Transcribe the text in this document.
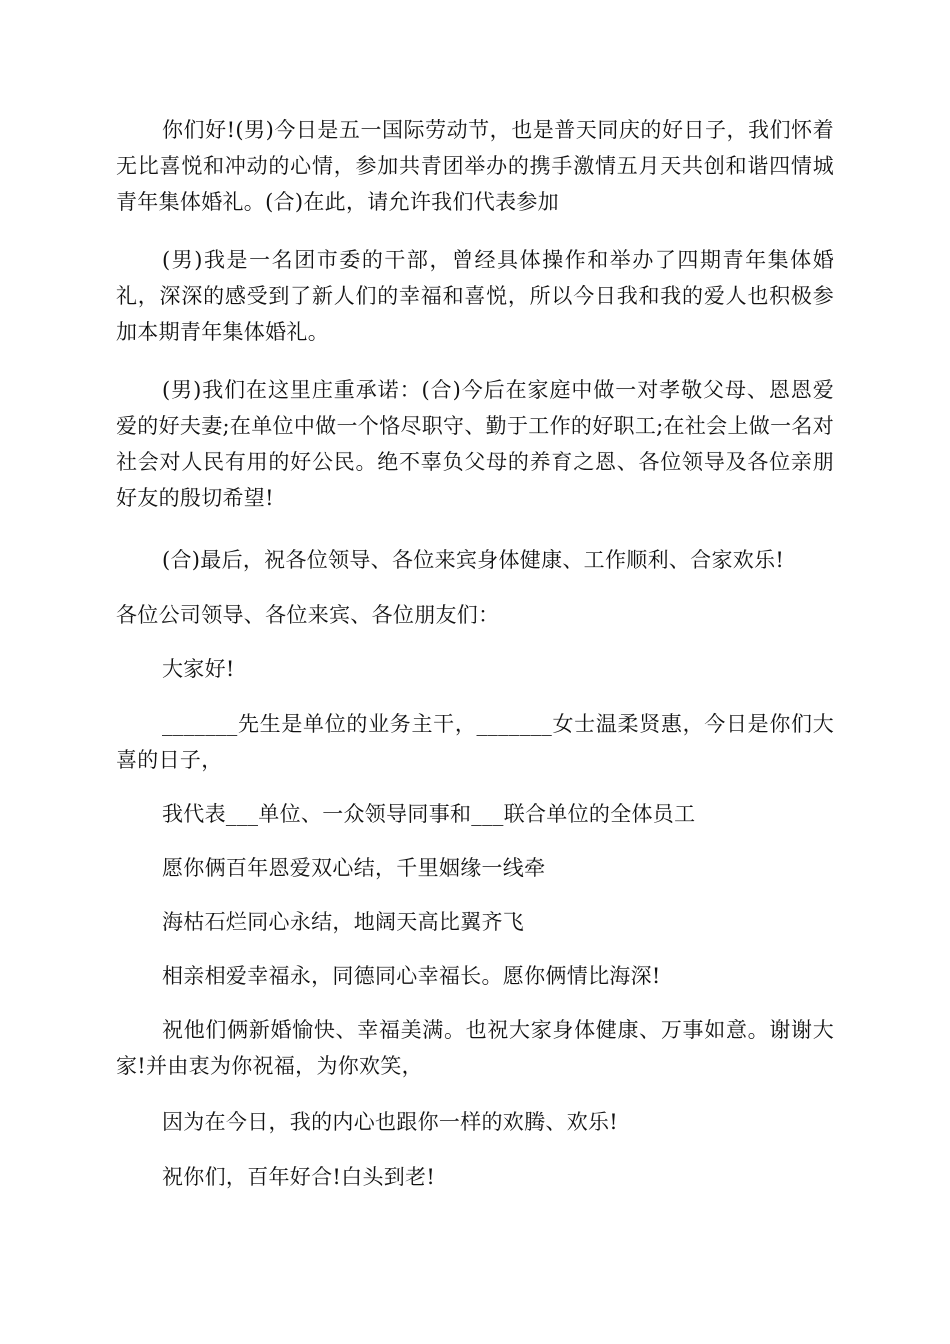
你们好!(男)今日是五一国际劳动节，也是普天同庆的好日子，我们怀着无比喜悦和冲动的心情，参加共青团举办的携手激情五月天共创和谐四情城青年集体婚礼。(合)在此，请允许我们代表参加

(男)我是一名团市委的干部，曾经具体操作和举办了四期青年集体婚礼，深深的感受到了新人们的幸福和喜悦，所以今日我和我的爱人也积极参加本期青年集体婚礼。

(男)我们在这里庄重承诺：(合)今后在家庭中做一对孝敬父母、恩恩爱爱的好夫妻;在单位中做一个恪尽职守、勤于工作的好职工;在社会上做一名对社会对人民有用的好公民。绝不辜负父母的养育之恩、各位领导及各位亲朋好友的殷切希望!

(合)最后，祝各位领导、各位来宾身体健康、工作顺利、合家欢乐!

各位公司领导、各位来宾、各位朋友们：

大家好!

_______先生是单位的业务主干，_______女士温柔贤惠，今日是你们大喜的日子，

我代表___单位、一众领导同事和___联合单位的全体员工

愿你俩百年恩爱双心结，千里姻缘一线牵

海枯石烂同心永结，地阔天高比翼齐飞

相亲相爱幸福永，同德同心幸福长。愿你俩情比海深!

祝他们俩新婚愉快、幸福美满。也祝大家身体健康、万事如意。谢谢大家!并由衷为你祝福，为你欢笑，

因为在今日，我的内心也跟你一样的欢腾、欢乐!

祝你们，百年好合!白头到老!
